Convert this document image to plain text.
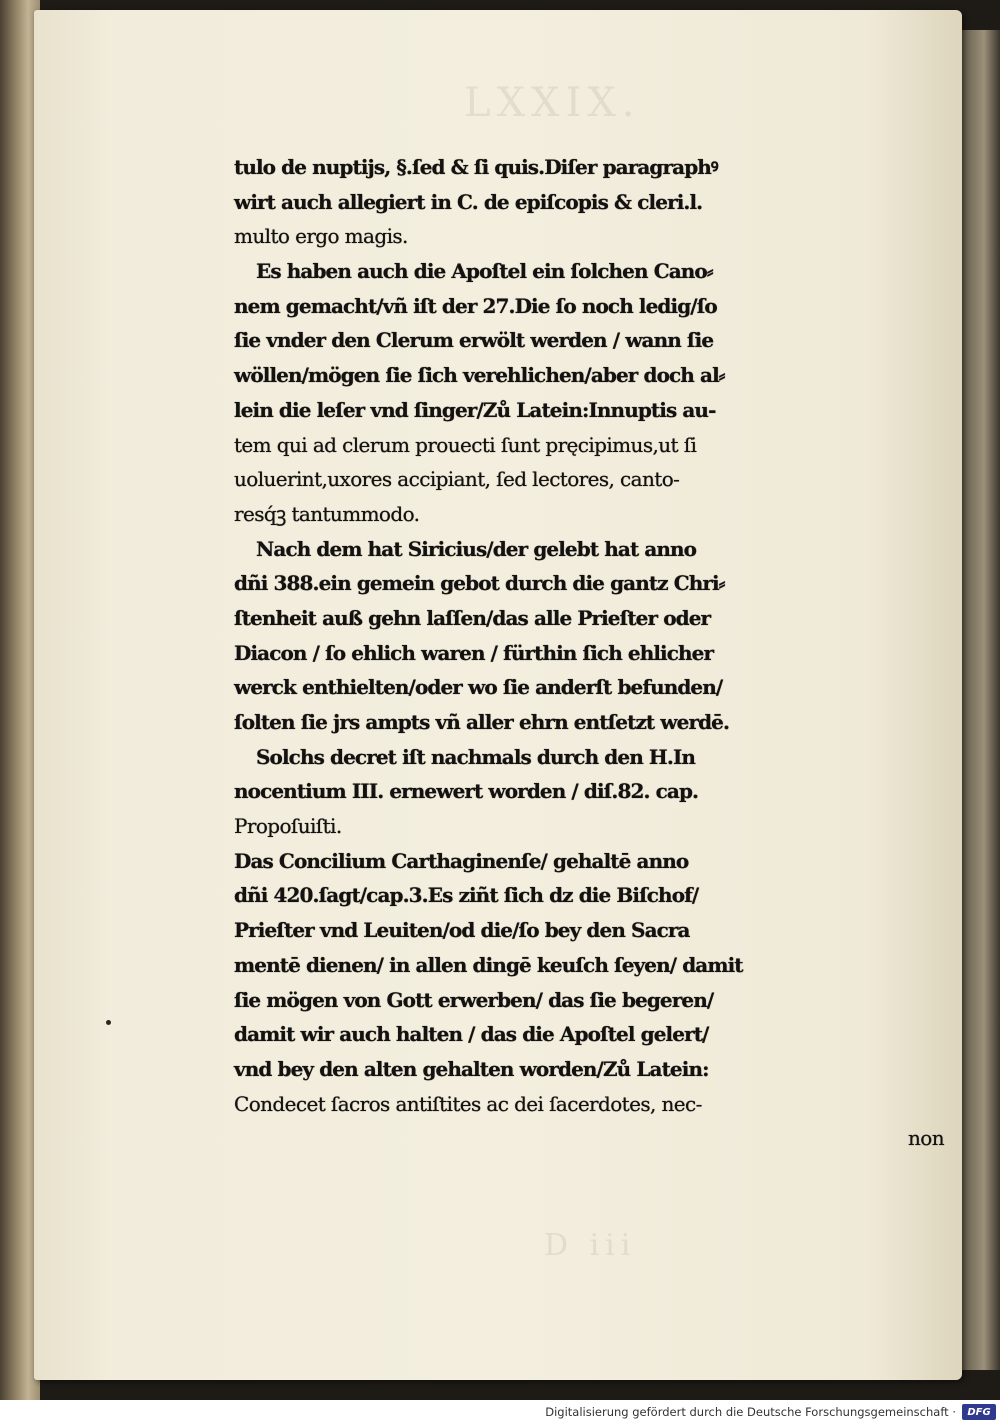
LXXIX.
D iii
tulo de nuptijs, §.ſed & ſi quis.Diſer paragraphꝰ
wirt auch allegiert in C. de epiſcopis & cleri.l.
multo ergo magis.
Es haben auch die Apoſtel ein ſolchen Cano⸗
nem gemacht/vñ iſt der 27.Die ſo noch ledig/ſo
ſie vnder den Clerum erwölt werden / wann ſie
wöllen/mögen ſie ſich verehlichen/aber doch al⸗
lein die leſer vnd ſinger/Zů Latein:Innuptis au-
tem qui ad clerum prouecti ſunt pręcipimus,ut ſi
uoluerint,uxores accipiant, ſed lectores, canto-
resq́ꝫ tantummodo.
Nach dem hat Siricius/der gelebt hat anno
dñi 388.ein gemein gebot durch die gantz Chri⸗
ſtenheit auß gehn laſſen/das alle Prieſter oder
Diacon / ſo ehlich waren / fürthin ſich ehlicher
werck enthielten/oder wo ſie anderſt befunden/
ſolten ſie jrs ampts vñ aller ehrn entſetzt werdē.
Solchs decret iſt nachmals durch den H.In
nocentium III. ernewert worden / diſ.82. cap.
Propoſuiſti.
Das Concilium Carthaginenſe/ gehaltē anno
dñi 420.ſagt/cap.3.Es ziñt ſich dz die Biſchof/
Prieſter vnd Leuiten/od die/ſo bey den Sacra
mentē dienen/ in allen dingē keuſch ſeyen/ damit
ſie mögen von Gott erwerben/ das ſie begeren/
damit wir auch halten / das die Apoſtel gelert/
vnd bey den alten gehalten worden/Zů Latein:
Condecet ſacros antiſtites ac dei ſacerdotes, nec-
non
Digitalisierung gefördert durch die Deutsche Forschungsgemeinschaft ·	DFG
